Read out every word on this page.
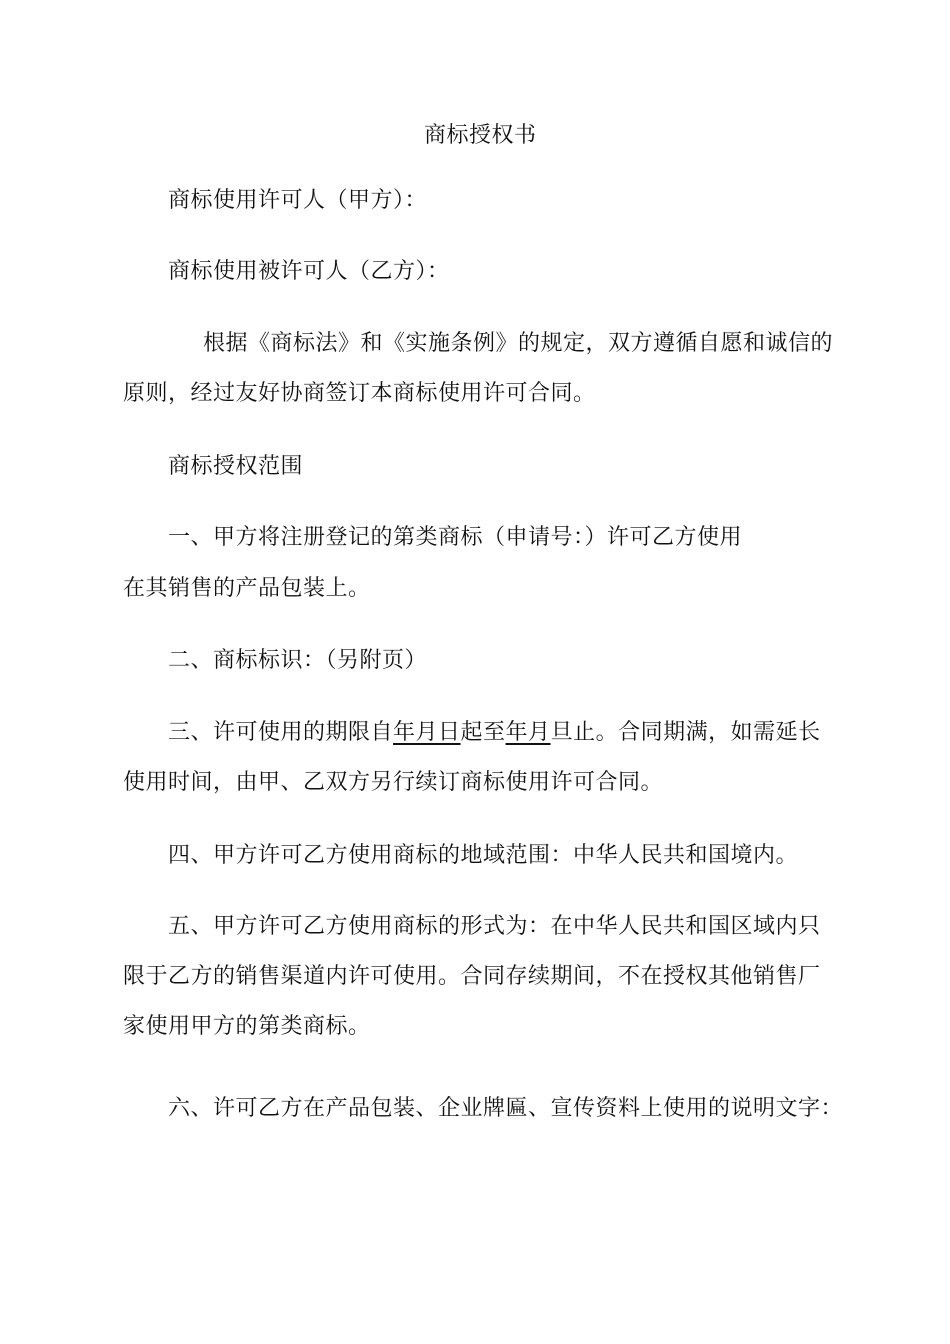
商标授权书
商标使用许可人（甲方）：
商标使用被许可人（乙方）：
根据《商标法》和《实施条例》的规定，双方遵循自愿和诚信的
原则，经过友好协商签订本商标使用许可合同。
商标授权范围
一、甲方将注册登记的第类商标（申请号：）许可乙方使用
在其销售的产品包装上。
二、商标标识：（另附页）
三、许可使用的期限自年月日起至年月旦止。合同期满，如需延长
使用时间，由甲、乙双方另行续订商标使用许可合同。
四、甲方许可乙方使用商标的地域范围：中华人民共和国境内。
五、甲方许可乙方使用商标的形式为：在中华人民共和国区域内只
限于乙方的销售渠道内许可使用。合同存续期间，不在授权其他销售厂
家使用甲方的第类商标。
六、许可乙方在产品包装、企业牌匾、宣传资料上使用的说明文字：
